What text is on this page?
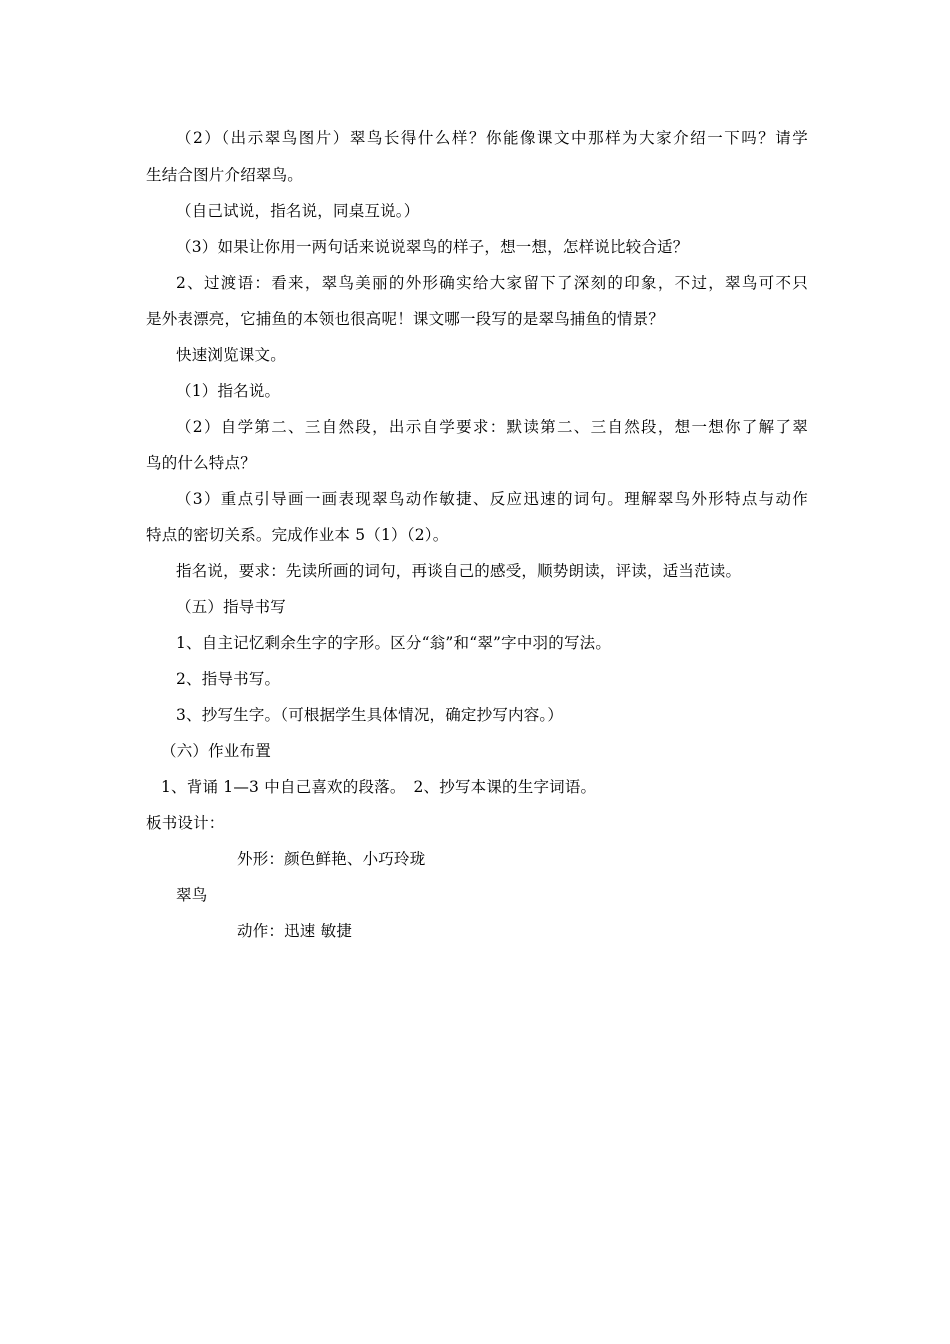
（2）（出示翠鸟图片）翠鸟长得什么样？你能像课文中那样为大家介绍一下吗？请学
生结合图片介绍翠鸟。
（自己试说，指名说，同桌互说。）
（3）如果让你用一两句话来说说翠鸟的样子，想一想，怎样说比较合适？
2、过渡语：看来，翠鸟美丽的外形确实给大家留下了深刻的印象，不过，翠鸟可不只
是外表漂亮，它捕鱼的本领也很高呢！课文哪一段写的是翠鸟捕鱼的情景？
快速浏览课文。
（1）指名说。
（2）自学第二、三自然段，出示自学要求：默读第二、三自然段，想一想你了解了翠
鸟的什么特点？
（3）重点引导画一画表现翠鸟动作敏捷、反应迅速的词句。理解翠鸟外形特点与动作
特点的密切关系。完成作业本 5（1）（2）。
指名说，要求：先读所画的词句，再谈自己的感受，顺势朗读，评读，适当范读。
（五）指导书写
1、自主记忆剩余生字的字形。区分“翁”和“翠”字中羽的写法。
2、指导书写。
3、抄写生字。（可根据学生具体情况，确定抄写内容。）
（六）作业布置
1、背诵 1—3 中自己喜欢的段落。　2、抄写本课的生字词语。
板书设计：
外形：颜色鲜艳、小巧玲珑
翠鸟
动作：迅速 敏捷
